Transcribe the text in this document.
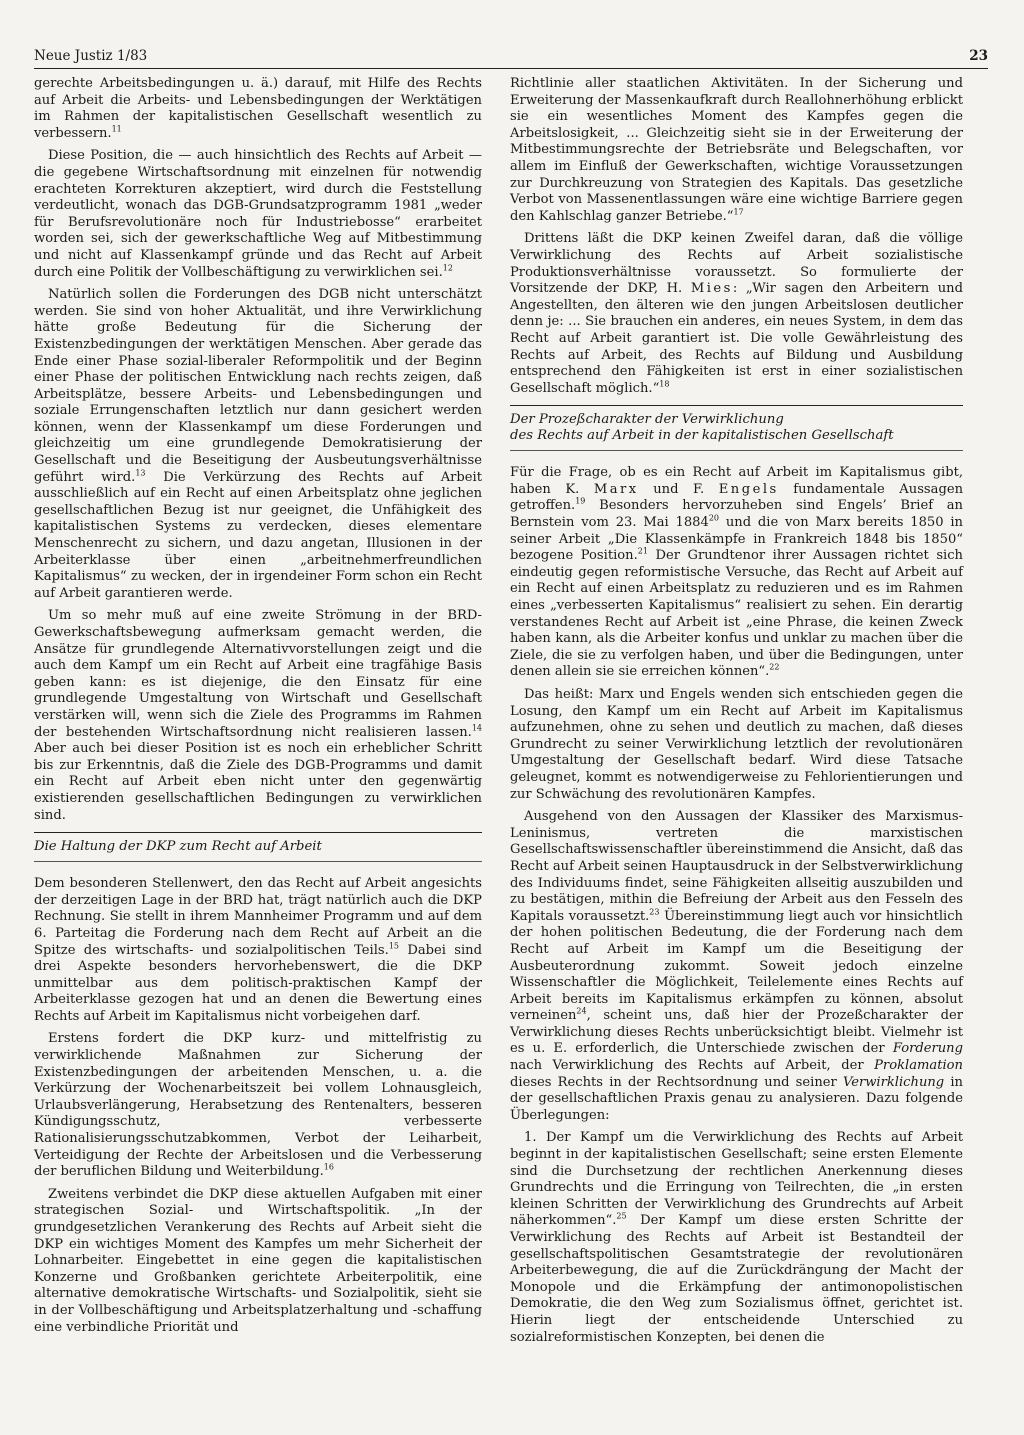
Neue Justiz 1/83	23

gerechte Arbeitsbedingungen u. ä.) darauf, mit Hilfe des Rechts auf Arbeit die Arbeits- und Lebensbedingungen der Werktätigen im Rahmen der kapitalistischen Gesellschaft wesentlich zu verbessern.$^{11}$

Diese Position, die — auch hinsichtlich des Rechts auf Arbeit — die gegebene Wirtschaftsordnung mit einzelnen für notwendig erachteten Korrekturen akzeptiert, wird durch die Feststellung verdeutlicht, wonach das DGB-Grundsatzprogramm 1981 „weder für Berufsrevolutionäre noch für Industriebosse“ erarbeitet worden sei, sich der gewerkschaftliche Weg auf Mitbestimmung und nicht auf Klassenkampf gründe und das Recht auf Arbeit durch eine Politik der Vollbeschäftigung zu verwirklichen sei.$^{12}$

Natürlich sollen die Forderungen des DGB nicht unterschätzt werden. Sie sind von hoher Aktualität, und ihre Verwirklichung hätte große Bedeutung für die Sicherung der Existenzbedingungen der werktätigen Menschen. Aber gerade das Ende einer Phase sozial-liberaler Reformpolitik und der Beginn einer Phase der politischen Entwicklung nach rechts zeigen, daß Arbeitsplätze, bessere Arbeits- und Lebensbedingungen und soziale Errungenschaften letztlich nur dann gesichert werden können, wenn der Klassenkampf um diese Forderungen und gleichzeitig um eine grundlegende Demokratisierung der Gesellschaft und die Beseitigung der Ausbeutungsverhältnisse geführt wird.$^{13}$ Die Verkürzung des Rechts auf Arbeit ausschließlich auf ein Recht auf einen Arbeitsplatz ohne jeglichen gesellschaftlichen Bezug ist nur geeignet, die Unfähigkeit des kapitalistischen Systems zu verdecken, dieses elementare Menschenrecht zu sichern, und dazu angetan, Illusionen in der Arbeiterklasse über einen „arbeitnehmerfreundlichen Kapitalismus“ zu wecken, der in irgendeiner Form schon ein Recht auf Arbeit garantieren werde.

Um so mehr muß auf eine zweite Strömung in der BRD-Gewerkschaftsbewegung aufmerksam gemacht werden, die Ansätze für grundlegende Alternativvorstellungen zeigt und die auch dem Kampf um ein Recht auf Arbeit eine tragfähige Basis geben kann: es ist diejenige, die den Einsatz für eine grundlegende Umgestaltung von Wirtschaft und Gesellschaft verstärken will, wenn sich die Ziele des Programms im Rahmen der bestehenden Wirtschaftsordnung nicht realisieren lassen.$^{14}$ Aber auch bei dieser Position ist es noch ein erheblicher Schritt bis zur Erkenntnis, daß die Ziele des DGB-Programms und damit ein Recht auf Arbeit eben nicht unter den gegenwärtig existierenden gesellschaftlichen Bedingungen zu verwirklichen sind.

Die Haltung der DKP zum Recht auf Arbeit

Dem besonderen Stellenwert, den das Recht auf Arbeit angesichts der derzeitigen Lage in der BRD hat, trägt natürlich auch die DKP Rechnung. Sie stellt in ihrem Mannheimer Programm und auf dem 6. Parteitag die Forderung nach dem Recht auf Arbeit an die Spitze des wirtschafts- und sozialpolitischen Teils.$^{15}$ Dabei sind drei Aspekte besonders hervorhebenswert, die die DKP unmittelbar aus dem politisch-praktischen Kampf der Arbeiterklasse gezogen hat und an denen die Bewertung eines Rechts auf Arbeit im Kapitalismus nicht vorbeigehen darf.

Erstens fordert die DKP kurz- und mittelfristig zu verwirklichende Maßnahmen zur Sicherung der Existenzbedingungen der arbeitenden Menschen, u. a. die Verkürzung der Wochenarbeitszeit bei vollem Lohnausgleich, Urlaubsverlängerung, Herabsetzung des Rentenalters, besseren Kündigungsschutz, verbesserte Rationalisierungsschutzabkommen, Verbot der Leiharbeit, Verteidigung der Rechte der Arbeitslosen und die Verbesserung der beruflichen Bildung und Weiterbildung.$^{16}$

Zweitens verbindet die DKP diese aktuellen Aufgaben mit einer strategischen Sozial- und Wirtschaftspolitik. „In der grundgesetzlichen Verankerung des Rechts auf Arbeit sieht die DKP ein wichtiges Moment des Kampfes um mehr Sicherheit der Lohnarbeiter. Eingebettet in eine gegen die kapitalistischen Konzerne und Großbanken gerichtete Arbeiterpolitik, eine alternative demokratische Wirtschafts- und Sozialpolitik, sieht sie in der Vollbeschäftigung und Arbeitsplatzerhaltung und -schaffung eine verbindliche Priorität und

Richtlinie aller staatlichen Aktivitäten. In der Sicherung und Erweiterung der Massenkaufkraft durch Reallohnerhöhung erblickt sie ein wesentliches Moment des Kampfes gegen die Arbeitslosigkeit, ... Gleichzeitig sieht sie in der Erweiterung der Mitbestimmungsrechte der Betriebsräte und Belegschaften, vor allem im Einfluß der Gewerkschaften, wichtige Voraussetzungen zur Durchkreuzung von Strategien des Kapitals. Das gesetzliche Verbot von Massenentlassungen wäre eine wichtige Barriere gegen den Kahlschlag ganzer Betriebe.“$^{17}$

Drittens läßt die DKP keinen Zweifel daran, daß die völlige Verwirklichung des Rechts auf Arbeit sozialistische Produktionsverhältnisse voraussetzt. So formulierte der Vorsitzende der DKP, H. Mies: „Wir sagen den Arbeitern und Angestellten, den älteren wie den jungen Arbeitslosen deutlicher denn je: ... Sie brauchen ein anderes, ein neues System, in dem das Recht auf Arbeit garantiert ist. Die volle Gewährleistung des Rechts auf Arbeit, des Rechts auf Bildung und Ausbildung entsprechend den Fähigkeiten ist erst in einer sozialistischen Gesellschaft möglich.“$^{18}$

Der Prozeßcharakter der Verwirklichung
des Rechts auf Arbeit in der kapitalistischen Gesellschaft

Für die Frage, ob es ein Recht auf Arbeit im Kapitalismus gibt, haben K. Marx und F. Engels fundamentale Aussagen getroffen.$^{19}$ Besonders hervorzuheben sind Engels’ Brief an Bernstein vom 23. Mai 1884$^{20}$ und die von Marx bereits 1850 in seiner Arbeit „Die Klassenkämpfe in Frankreich 1848 bis 1850“ bezogene Position.$^{21}$ Der Grundtenor ihrer Aussagen richtet sich eindeutig gegen reformistische Versuche, das Recht auf Arbeit auf ein Recht auf einen Arbeitsplatz zu reduzieren und es im Rahmen eines „verbesserten Kapitalismus“ realisiert zu sehen. Ein derartig verstandenes Recht auf Arbeit ist „eine Phrase, die keinen Zweck haben kann, als die Arbeiter konfus und unklar zu machen über die Ziele, die sie zu verfolgen haben, und über die Bedingungen, unter denen allein sie sie erreichen können“.$^{22}$

Das heißt: Marx und Engels wenden sich entschieden gegen die Losung, den Kampf um ein Recht auf Arbeit im Kapitalismus aufzunehmen, ohne zu sehen und deutlich zu machen, daß dieses Grundrecht zu seiner Verwirklichung letztlich der revolutionären Umgestaltung der Gesellschaft bedarf. Wird diese Tatsache geleugnet, kommt es notwendigerweise zu Fehlorientierungen und zur Schwächung des revolutionären Kampfes.

Ausgehend von den Aussagen der Klassiker des Marxismus-Leninismus, vertreten die marxistischen Gesellschaftswissenschaftler übereinstimmend die Ansicht, daß das Recht auf Arbeit seinen Hauptausdruck in der Selbstverwirklichung des Individuums findet, seine Fähigkeiten allseitig auszubilden und zu bestätigen, mithin die Befreiung der Arbeit aus den Fesseln des Kapitals voraussetzt.$^{23}$ Übereinstimmung liegt auch vor hinsichtlich der hohen politischen Bedeutung, die der Forderung nach dem Recht auf Arbeit im Kampf um die Beseitigung der Ausbeuterordnung zukommt. Soweit jedoch einzelne Wissenschaftler die Möglichkeit, Teilelemente eines Rechts auf Arbeit bereits im Kapitalismus erkämpfen zu können, absolut verneinen$^{24}$, scheint uns, daß hier der Prozeßcharakter der Verwirklichung dieses Rechts unberücksichtigt bleibt. Vielmehr ist es u. E. erforderlich, die Unterschiede zwischen der Forderung nach Verwirklichung des Rechts auf Arbeit, der Proklamation dieses Rechts in der Rechtsordnung und seiner Verwirklichung in der gesellschaftlichen Praxis genau zu analysieren. Dazu folgende Überlegungen:

1. Der Kampf um die Verwirklichung des Rechts auf Arbeit beginnt in der kapitalistischen Gesellschaft; seine ersten Elemente sind die Durchsetzung der rechtlichen Anerkennung dieses Grundrechts und die Erringung von Teilrechten, die „in ersten kleinen Schritten der Verwirklichung des Grundrechts auf Arbeit näherkommen“.$^{25}$ Der Kampf um diese ersten Schritte der Verwirklichung des Rechts auf Arbeit ist Bestandteil der gesellschaftspolitischen Gesamtstrategie der revolutionären Arbeiterbewegung, die auf die Zurückdrängung der Macht der Monopole und die Erkämpfung der antimonopolistischen Demokratie, die den Weg zum Sozialismus öffnet, gerichtet ist. Hierin liegt der entscheidende Unterschied zu sozialreformistischen Konzepten, bei denen die
